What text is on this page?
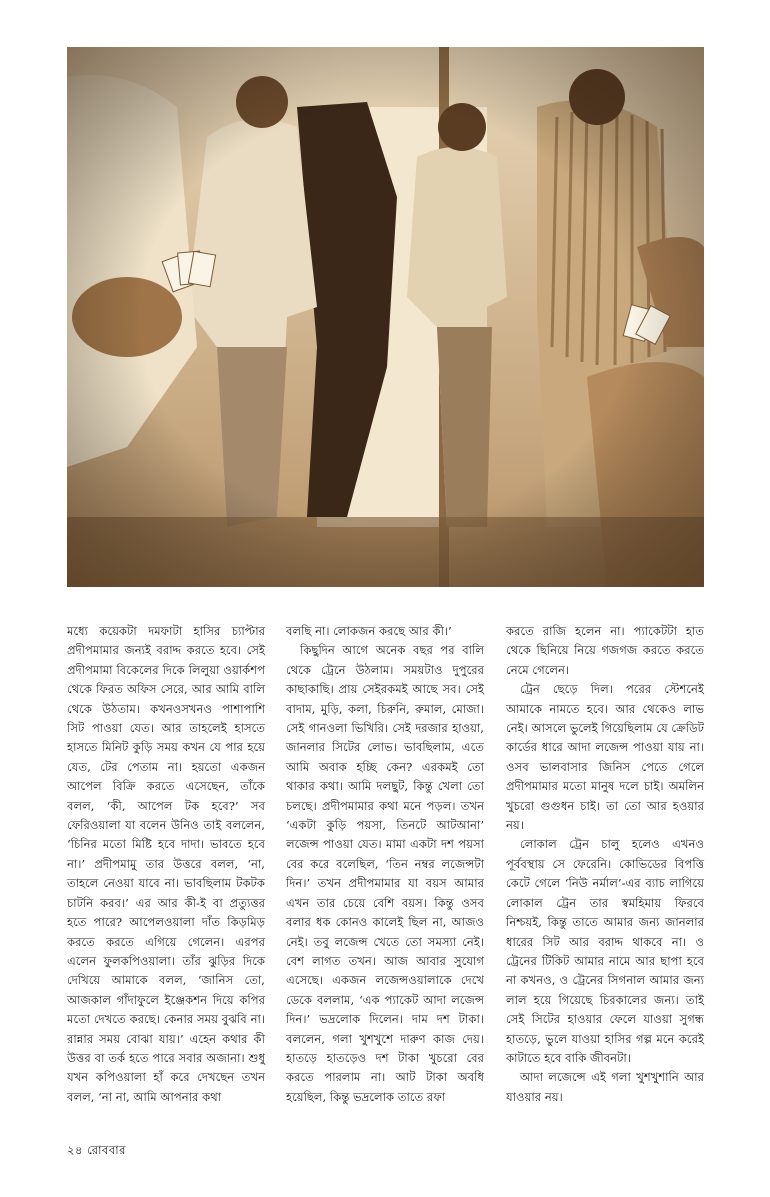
মধ্যে কয়েকটা দমফাটা হাসির চ্যাপ্টার প্রদীপমামার জন্যই বরাদ্দ করতে হবে। সেই প্রদীপমামা বিকেলের দিকে লিলুয়া ওয়ার্কশপ থেকে ফিরত অফিস সেরে, আর আমি বালি থেকে উঠতাম। কখনওসখনও পাশাপাশি সিট পাওয়া যেত। আর তাহলেই হাসতে হাসতে মিনিট কুড়ি সময় কখন যে পার হয়ে যেত, টের পেতাম না। হয়তো একজন আপেল বিক্রি করতে এসেছেন, তাঁকে বলল, ‘কী, আপেল টক হবে?’ সব ফেরিওয়ালা যা বলেন উনিও তাই বললেন, ‘চিনির মতো মিষ্টি হবে দাদা। ভাবতে হবে না।’ প্রদীপমামু তার উত্তরে বলল, ‘না, তাহলে নেওয়া যাবে না। ভাবছিলাম টকটক চাটনি করব।’ এর আর কী-ই বা প্রত্যুত্তর হতে পারে? আপেলওয়ালা দাঁত কিড়মিড় করতে করতে এগিয়ে গেলেন। এরপর এলেন ফুলকপিওয়ালা। তাঁর ঝুড়ির দিকে দেখিয়ে আমাকে বলল, ‘জানিস তো, আজকাল গাঁদাফুলে ইঞ্জেকশন দিয়ে কপির মতো দেখতে করছে। কেনার সময় বুঝবি না। রান্নার সময় বোঝা যায়।’ এহেন কথার কী উত্তর বা তর্ক হতে পারে সবার অজানা। শুধু যখন কপিওয়ালা হাঁ করে দেখছেন তখন বলল, ‘না না, আমি আপনার কথা

বলছি না। লোকজন করছে আর কী।’

কিছুদিন আগে অনেক বছর পর বালি থেকে ট্রেনে উঠলাম। সময়টাও দুপুরের কাছাকাছি। প্রায় সেইরকমই আছে সব। সেই বাদাম, মুড়ি, কলা, চিরুনি, রুমাল, মোজা। সেই গানওলা ভিখিরি। সেই দরজার হাওয়া, জানলার সিটের লোভ। ভাবছিলাম, এতে আমি অবাক হচ্ছি কেন? এরকমই তো থাকার কথা। আমি দলছুট, কিন্তু খেলা তো চলছে। প্রদীপমামার কথা মনে পড়ল। তখন ‘একটা কুড়ি পয়সা, তিনটে আটআনা’ লজেন্স পাওয়া যেত। মামা একটা দশ পয়সা বের করে বলেছিল, ‘তিন নম্বর লজেন্সটা দিন।’ তখন প্রদীপমামার যা বয়স আমার এখন তার চেয়ে বেশি বয়স। কিন্তু ওসব বলার ধক কোনও কালেই ছিল না, আজও নেই। তবু লজেন্স খেতে তো সমস্যা নেই। বেশ লাগত তখন। আজ আবার সুযোগ এসেছে। একজন লজেন্সওয়ালাকে দেখে ডেকে বললাম, ‘এক প্যাকেট আদা লজেন্স দিন।’ ভদ্রলোক দিলেন। দাম দশ টাকা। বললেন, গলা খুশখুশে দারুণ কাজ দেয়। হাতড়ে হাতড়েও দশ টাকা খুচরো বের করতে পারলাম না। আট টাকা অবধি হয়েছিল, কিন্তু ভদ্রলোক তাতে রফা

করতে রাজি হলেন না। প্যাকেটটা হাত থেকে ছিনিয়ে নিয়ে গজগজ করতে করতে নেমে গেলেন।

ট্রেন ছেড়ে দিল। পরের স্টেশনেই আমাকে নামতে হবে। আর থেকেও লাভ নেই। আসলে ভুলেই গিয়েছিলাম যে ক্রেডিট কার্ডের ধারে আদা লজেন্স পাওয়া যায় না। ওসব ভালবাসার জিনিস পেতে গেলে প্রদীপমামার মতো মানুষ দলে চাই। অমলিন খুচরো গুগুধন চাই। তা তো আর হওয়ার নয়।

লোকাল ট্রেন চালু হলেও এখনও পূর্ববস্থায় সে ফেরেনি। কোভিডের বিপত্তি কেটে গেলে ‘নিউ নর্মাল’-এর ব্যাচ লাগিয়ে লোকাল ট্রেন তার স্বমহিমায় ফিরবে নিশ্চয়ই, কিন্তু তাতে আমার জন্য জানলার ধারের সিট আর বরাদ্দ থাকবে না। ও ট্রেনের টিকিট আমার নামে আর ছাপা হবে না কখনও, ও ট্রেনের সিগনাল আমার জন্য লাল হয়ে গিয়েছে চিরকালের জন্য। তাই সেই সিটের হাওয়ার ফেলে যাওয়া সুগন্ধ হাতড়ে, ভুলে যাওয়া হাসির গল্প মনে করেই কাটাতে হবে বাকি জীবনটা।

আদা লজেন্সে এই গলা খুশখুশানি আর যাওয়ার নয়।

২৪ রোববার
